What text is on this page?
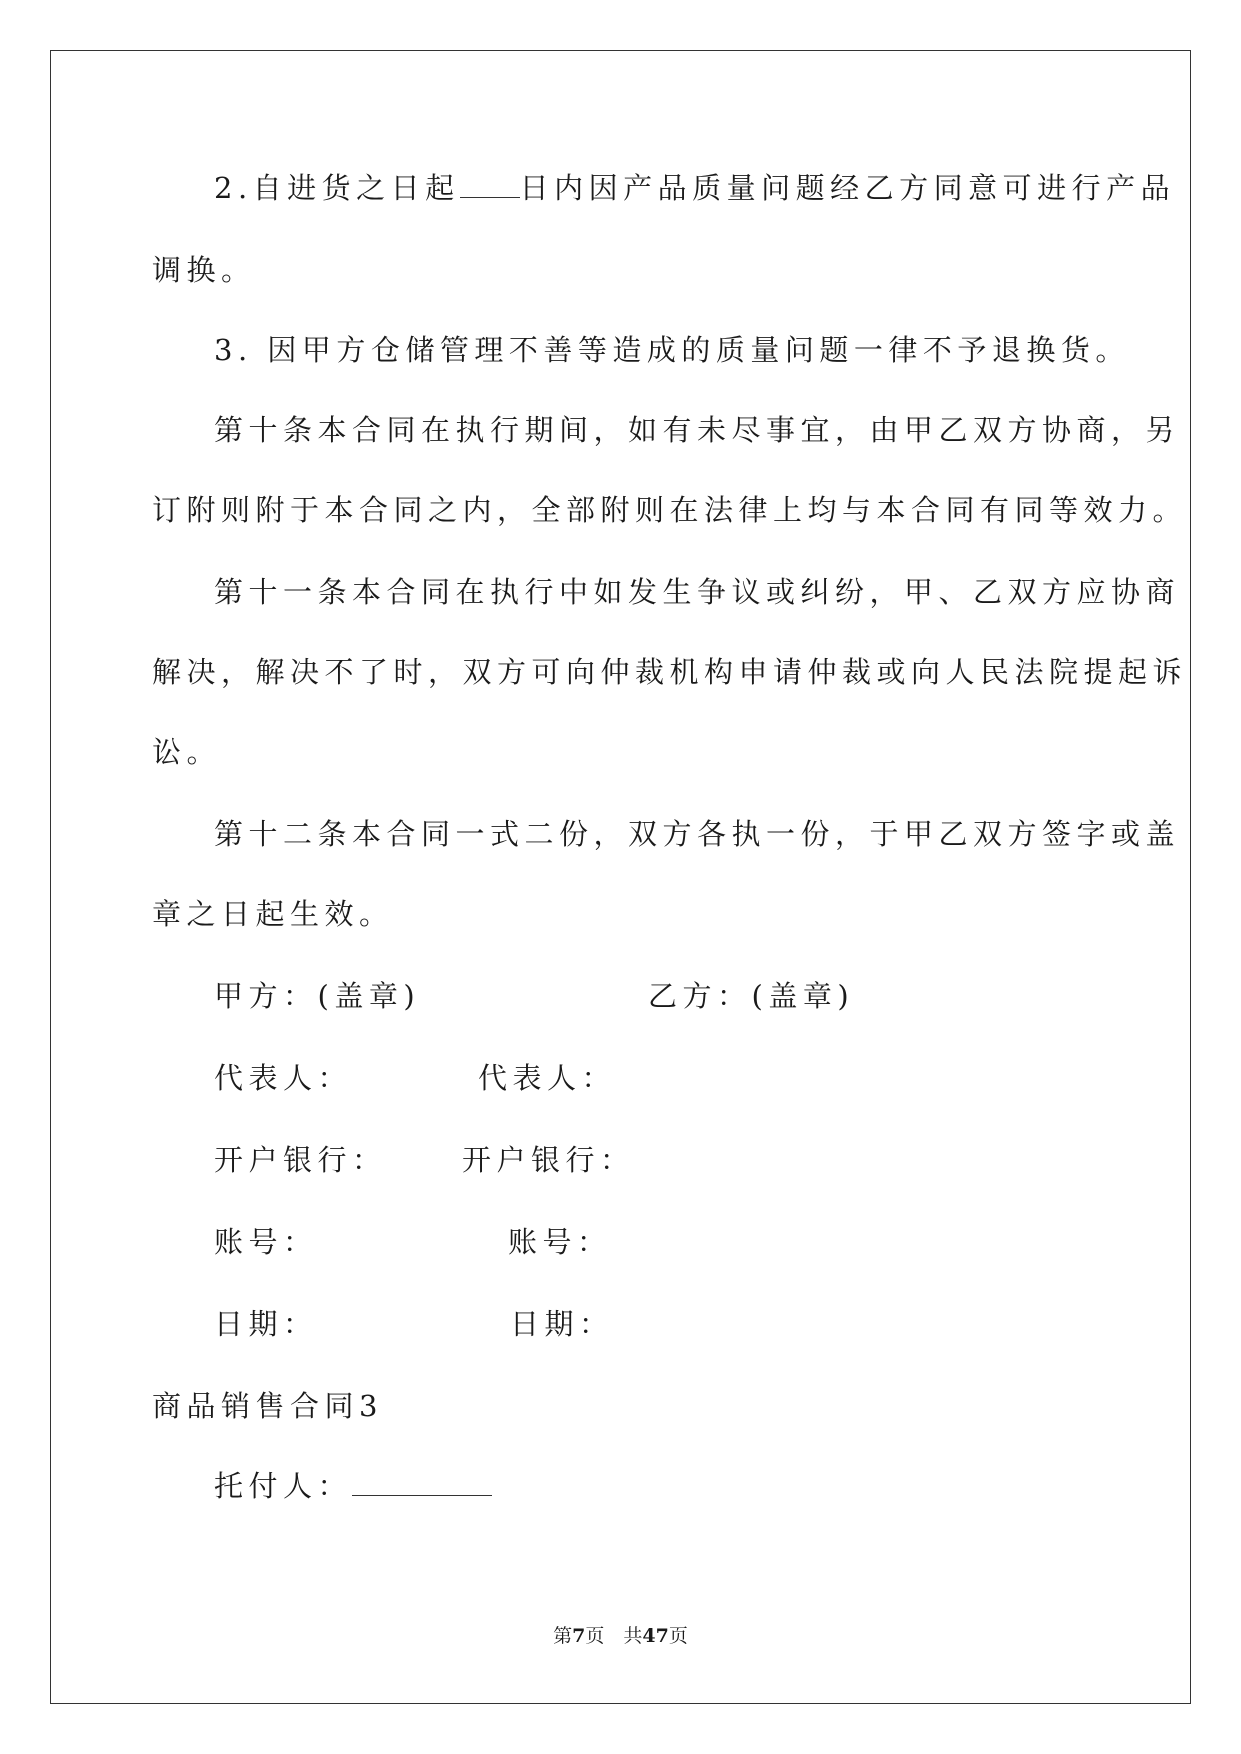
2.自进货之日起 日内因产品质量问题经乙方同意可进行产品
调换。
3. 因甲方仓储管理不善等造成的质量问题一律不予退换货。
第十条本合同在执行期间，如有未尽事宜，由甲乙双方协商，另
订附则附于本合同之内，全部附则在法律上均与本合同有同等效力。
第十一条本合同在执行中如发生争议或纠纷，甲、乙双方应协商
解决，解决不了时，双方可向仲裁机构申请仲裁或向人民法院提起诉
讼。
第十二条本合同一式二份，双方各执一份，于甲乙双方签字或盖
章之日起生效。
甲方：(盖章)	乙方：(盖章)
代表人：	代表人：
开户银行：	开户银行：
账号：	账号：
日期：	日期：
商品销售合同3
托付人：
第7页　共47页
